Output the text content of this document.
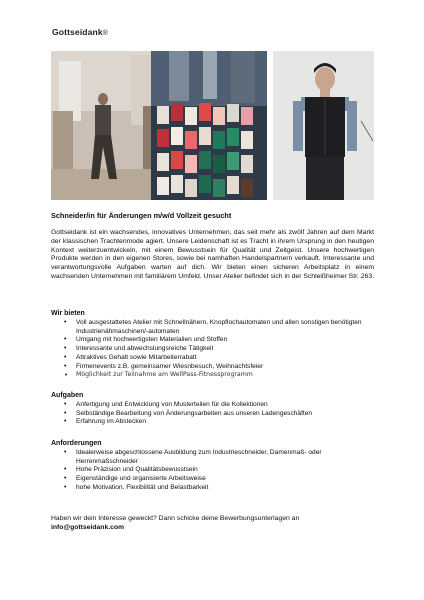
Gottseidank®
Schneider/in für Änderungen m/w/d Vollzeit gesucht

Gottseidank ist ein wachsendes, innovatives Unternehmen, das seit mehr als zwölf Jahren auf dem Markt der klassischen Trachtenmode agiert. Unsere Leidenschaft ist es Tracht in ihrem Ursprung in den heutigen Kontext weiterzuentwickeln, mit einem Bewusstsein für Qualität und Zeitgeist. Unsere hochwertigen Produkte werden in den eigenen Stores, sowie bei namhaften Handelspartnern verkauft. Interessante und verantwortungsvolle Aufgaben warten auf dich. Wir bieten einen sicheren Arbeitsplatz in einem wachsenden Unternehmen mit familiärem Umfeld. Unser Atelier befindet sich in der Schleißheimer Str. 263.

Wir bieten
• Voll ausgestattetes Atelier mit Schnellnähern, Knopflochautomaten und allen sonstigen benötigten Industrienähmaschinen/-automaten
• Umgang mit hochwertigsten Materialien und Stoffen
• Interessante und abwechslungsreiche Tätigkeit
• Attraktives Gehalt sowie Mitarbeiterrabatt
• Firmenevents z.B. gemeinsamer Wiesnbesuch, Weihnachtsfeier
• Möglichkeit zur Teilnahme am WellPass-Fitnessprogramm
Aufgaben
• Anfertigung und Entwicklung von Musterteilen für die Kollektionen
• Selbständige Bearbeitung von Änderungsarbeiten aus unseren Ladengeschäften
• Erfahrung im Abstecken
Anforderungen
• Idealerweise abgeschlossene Ausbildung zum Industrieschneider, Damenmaß- oder Herrenmaßschneider
• Hohe Präzision und Qualitätsbewusstsein
• Eigenständige und organisierte Arbeitsweise
• hohe Motivation, Flexibilität und Belastbarkeit

Haben wir dein Interesse geweckt? Dann schicke deine Bewerbungsunterlagen an
info@gottseidank.com
